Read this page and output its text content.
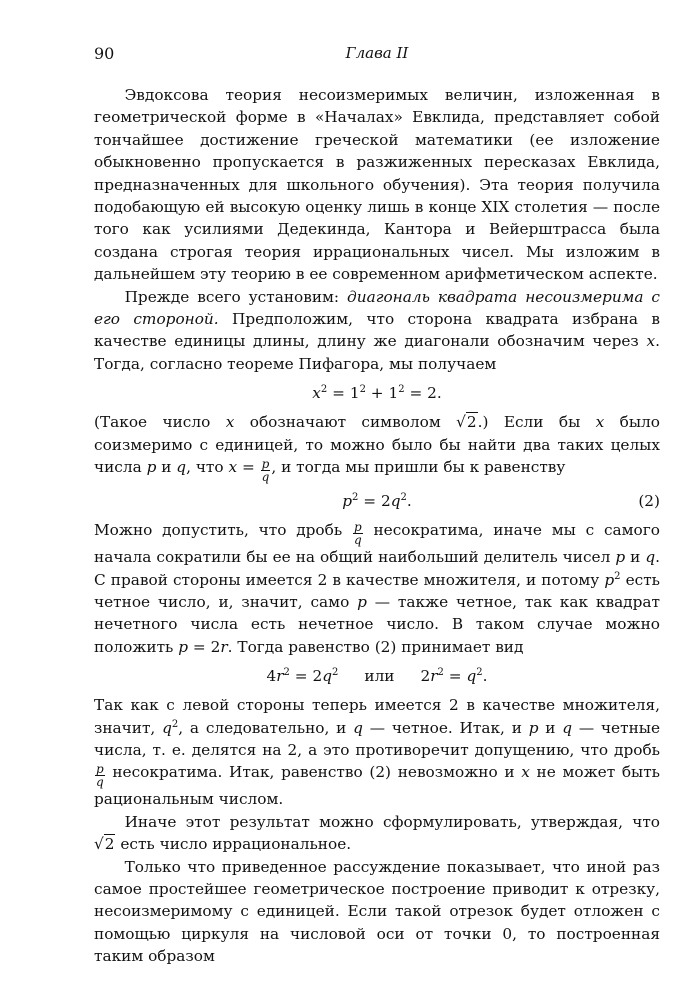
90	Глава II

Эвдоксова теория несоизмеримых величин, изложенная в геометрической форме в «Началах» Евклида, представляет собой тончайшее достижение греческой математики (ее изложение обыкновенно пропускается в разжиженных пересказах Евклида, предназначенных для школьного обучения). Эта теория получила подобающую ей высокую оценку лишь в конце XIX столетия — после того как усилиями Дедекинда, Кантора и Вейерштрасса была создана строгая теория иррациональных чисел. Мы изложим в дальнейшем эту теорию в ее современном арифметическом аспекте.

Прежде всего установим: диагональ квадрата несоизмерима с его стороной. Предположим, что сторона квадрата избрана в качестве единицы длины, длину же диагонали обозначим через x. Тогда, согласно теореме Пифагора, мы получаем

$x^2 = 1^2 + 1^2 = 2$.

(Такое число x обозначают символом √2.) Если бы x было соизмеримо с единицей, то можно было бы найти два таких целых числа p и q, что $x = \frac{p}{q}$ , и тогда мы пришли бы к равенству

$p^2 = 2q^2$.	(2)

Можно допустить, что дробь $\frac{p}{q}$ несократима, иначе мы с самого начала сократили бы ее на общий наибольший делитель чисел p и q. С правой стороны имеется 2 в качестве множителя, и потому $p^2$ есть четное число, и, значит, само p — также четное, так как квадрат нечетного числа есть нечетное число. В таком случае можно положить p = 2r. Тогда равенство (2) принимает вид

$4r^2 = 2q^2$ или $2r^2 = q^2$.

Так как с левой стороны теперь имеется 2 в качестве множителя, значит, $q^2$, а следовательно, и q — четное. Итак, и p и q — четные числа, т. е. делятся на 2, а это противоречит допущению, что дробь
$\frac{p}{q}$ несократима. Итак, равенство (2) невозможно и x не может быть рациональным числом.

Иначе этот результат можно сформулировать, утверждая, что √2 есть число иррациональное.

Только что приведенное рассуждение показывает, что иной раз самое простейшее геометрическое построение приводит к отрезку, несоизмеримому с единицей. Если такой отрезок будет отложен с помощью циркуля на числовой оси от точки 0, то построенная таким образом
